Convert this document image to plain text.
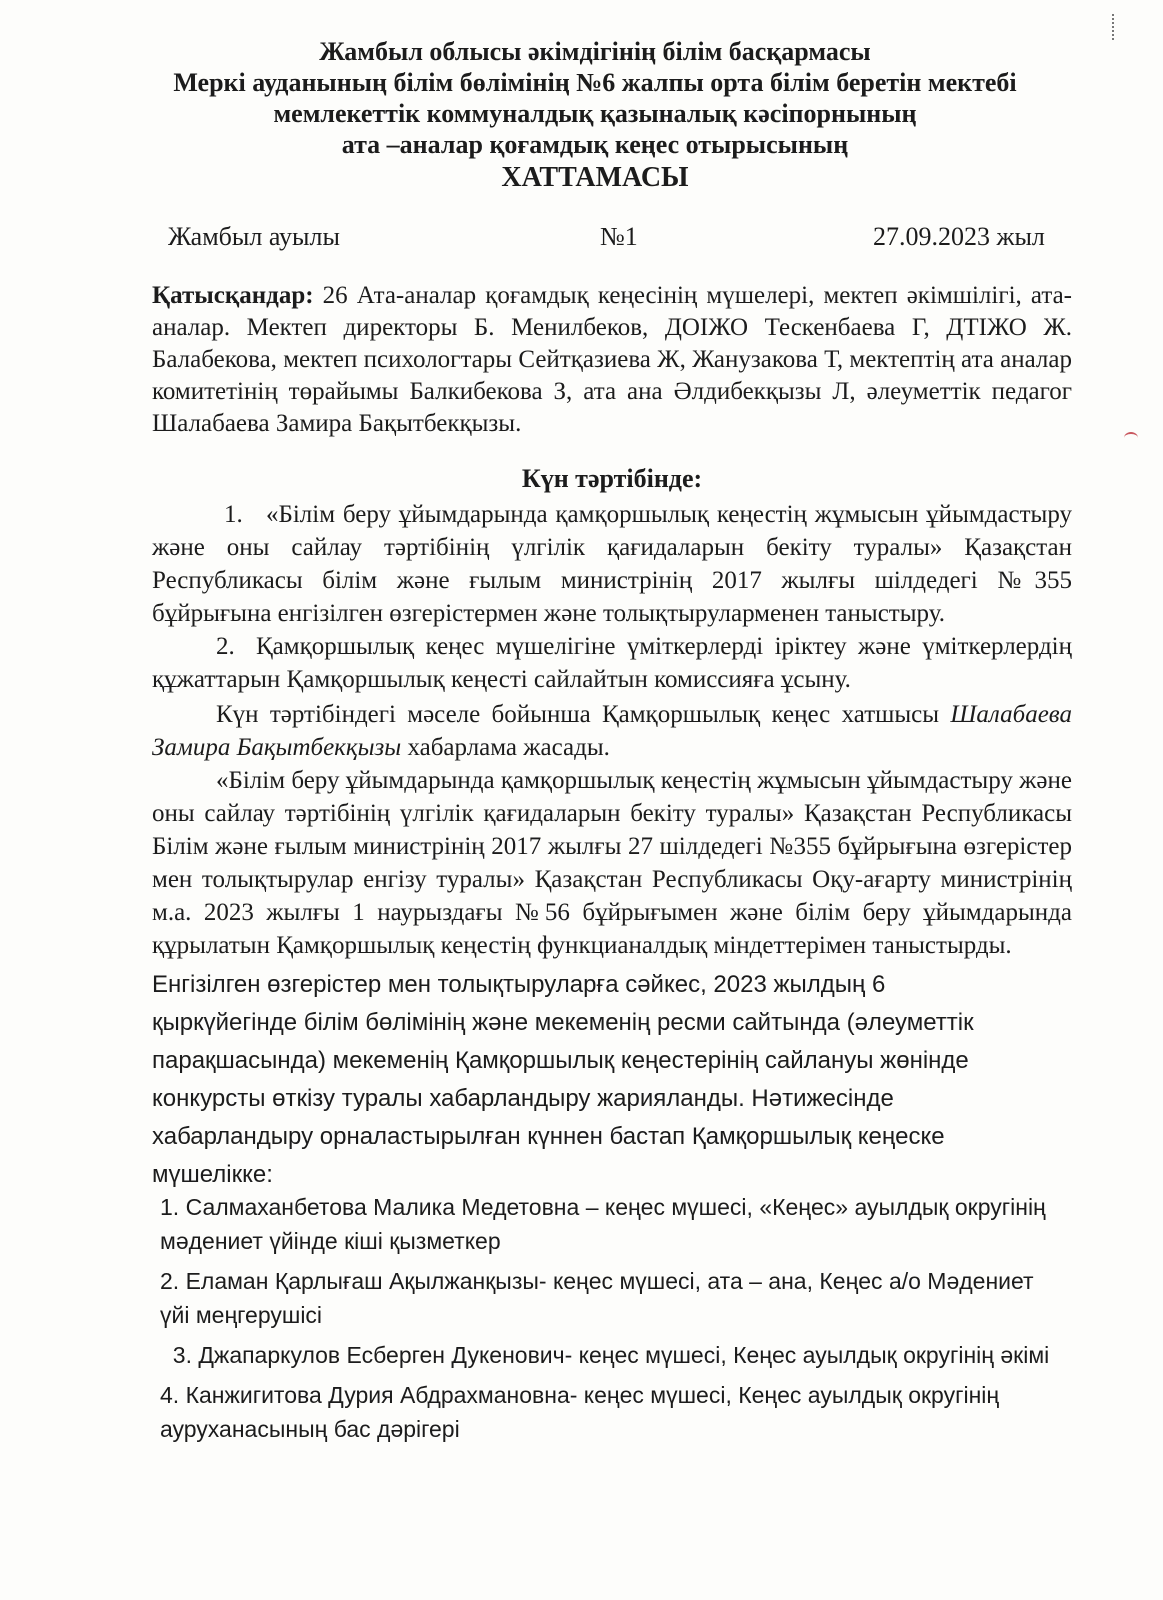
Жамбыл облысы әкімдігінің білім басқармасы
Меркі ауданының білім бөлімінің №6 жалпы орта білім беретін мектебі
мемлекеттік коммуналдық қазыналық кәсіпорнының
ата –аналар қоғамдық кеңес отырысының
ХАТТАМАСЫ
Жамбыл ауылы	№1	27.09.2023 жыл
Қатысқандар: 26 Ата-аналар қоғамдық кеңесінің мүшелері, мектеп әкімшілігі, ата-аналар. Мектеп директоры Б. Менилбеков, ДОІЖО Тескенбаева Г, ДТІЖО Ж. Балабекова, мектеп психологтары Сейтқазиева Ж, Жанузакова Т, мектептің ата аналар комитетінің төрайымы Балкибекова З, ата ана Әлдибекқызы Л, әлеуметтік педагог Шалабаева Замира Бақытбекқызы.
Күн тәртібінде:
1. «Білім беру ұйымдарында қамқоршылық кеңестің жұмысын ұйымдастыру және оны сайлау тәртібінің үлгілік қағидаларын бекіту туралы» Қазақстан Республикасы білім және ғылым министрінің 2017 жылғы шілдедегі №355 бұйрығына енгізілген өзгерістермен және толықтыруларменен таныстыру.
2. Қамқоршылық кеңес мүшелігіне үміткерлерді іріктеу және үміткерлердің құжаттарын Қамқоршылық кеңесті сайлайтын комиссияға ұсыну.

Күн тәртібіндегі мәселе бойынша Қамқоршылық кеңес хатшысы Шалабаева Замира Бақытбекқызы хабарлама жасады.

«Білім беру ұйымдарында қамқоршылық кеңестің жұмысын ұйымдастыру және оны сайлау тәртібінің үлгілік қағидаларын бекіту туралы» Қазақстан Республикасы Білім және ғылым министрінің 2017 жылғы 27 шілдедегі №355 бұйрығына өзгерістер мен толықтырулар енгізу туралы» Қазақстан Республикасы Оқу-ағарту министрінің м.а. 2023 жылғы 1 наурыздағы №56 бұйрығымен және білім беру ұйымдарында құрылатын Қамқоршылық кеңестің функцианалдық міндеттерімен таныстырды.

Енгізілген өзгерістер мен толықтыруларға сәйкес, 2023 жылдың 6 қыркүйегінде білім бөлімінің және мекеменің ресми сайтында (әлеуметтік парақшасында) мекеменің Қамқоршылық кеңестерінің сайлануы жөнінде конкурсты өткізу туралы хабарландыру жарияланды. Нәтижесінде хабарландыру орналастырылған күннен бастап Қамқоршылық кеңеске мүшелікке:

1. Салмаханбетова Малика Медетовна – кеңес мүшесі, «Кеңес» ауылдық округінің мәдениет үйінде кіші қызметкер

2. Еламан Қарлығаш Ақылжанқызы- кеңес мүшесі, ата – ана, Кеңес а/о Мәдениет үйі меңгерушісі

3. Джапаркулов Есберген Дукенович- кеңес мүшесі, Кеңес ауылдық округінің әкімі

4. Канжигитова Дурия Абдрахмановна- кеңес мүшесі, Кеңес ауылдық округінің ауруханасының бас дәрігері
